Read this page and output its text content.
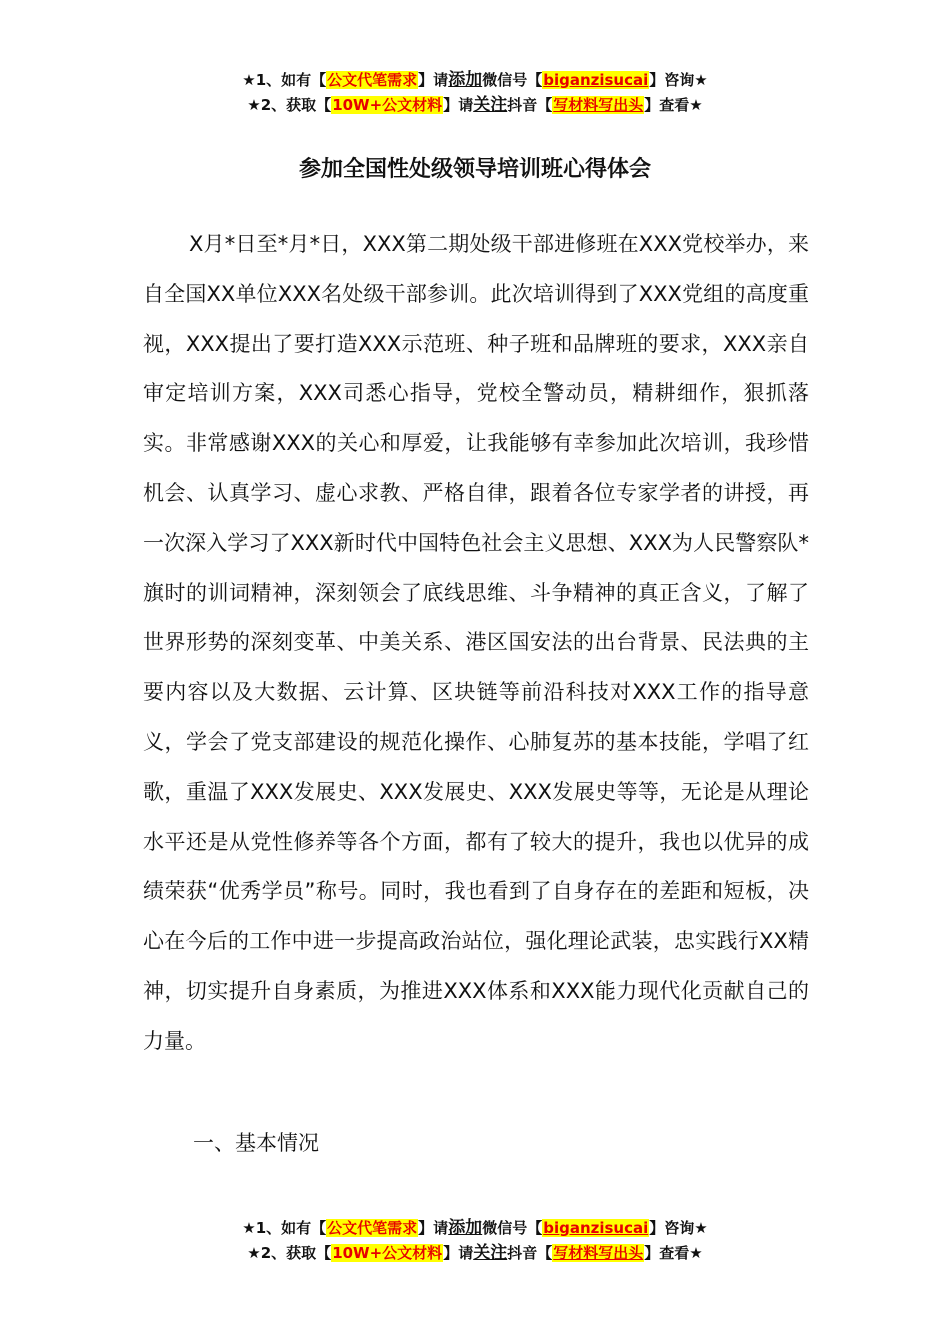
★1、如有【公文代笔需求】请添加微信号【biganzisucai】咨询★
★2、获取【10W+公文材料】请关注抖音【写材料写出头】查看★
参加全国性处级领导培训班心得体会

X月*日至*月*日，XXX第二期处级干部进修班在XXX党校举办，来自全国XX单位XXX名处级干部参训。此次培训得到了XXX党组的高度重视，XXX提出了要打造XXX示范班、种子班和品牌班的要求，XXX亲自审定培训方案，XXX司悉心指导，党校全警动员，精耕细作，狠抓落实。非常感谢XXX的关心和厚爱，让我能够有幸参加此次培训，我珍惜机会、认真学习、虚心求教、严格自律，跟着各位专家学者的讲授，再一次深入学习了XXX新时代中国特色社会主义思想、XXX为人民警察队*旗时的训词精神，深刻领会了底线思维、斗争精神的真正含义，了解了世界形势的深刻变革、中美关系、港区国安法的出台背景、民法典的主要内容以及大数据、云计算、区块链等前沿科技对XXX工作的指导意义，学会了党支部建设的规范化操作、心肺复苏的基本技能，学唱了红歌，重温了XXX发展史、XXX发展史、XXX发展史等等，无论是从理论水平还是从党性修养等各个方面，都有了较大的提升，我也以优异的成绩荣获“优秀学员”称号。同时，我也看到了自身存在的差距和短板，决心在今后的工作中进一步提高政治站位，强化理论武装，忠实践行XX精神，切实提升自身素质，为推进XXX体系和XXX能力现代化贡献自己的力量。

一、基本情况
★1、如有【公文代笔需求】请添加微信号【biganzisucai】咨询★
★2、获取【10W+公文材料】请关注抖音【写材料写出头】查看★
